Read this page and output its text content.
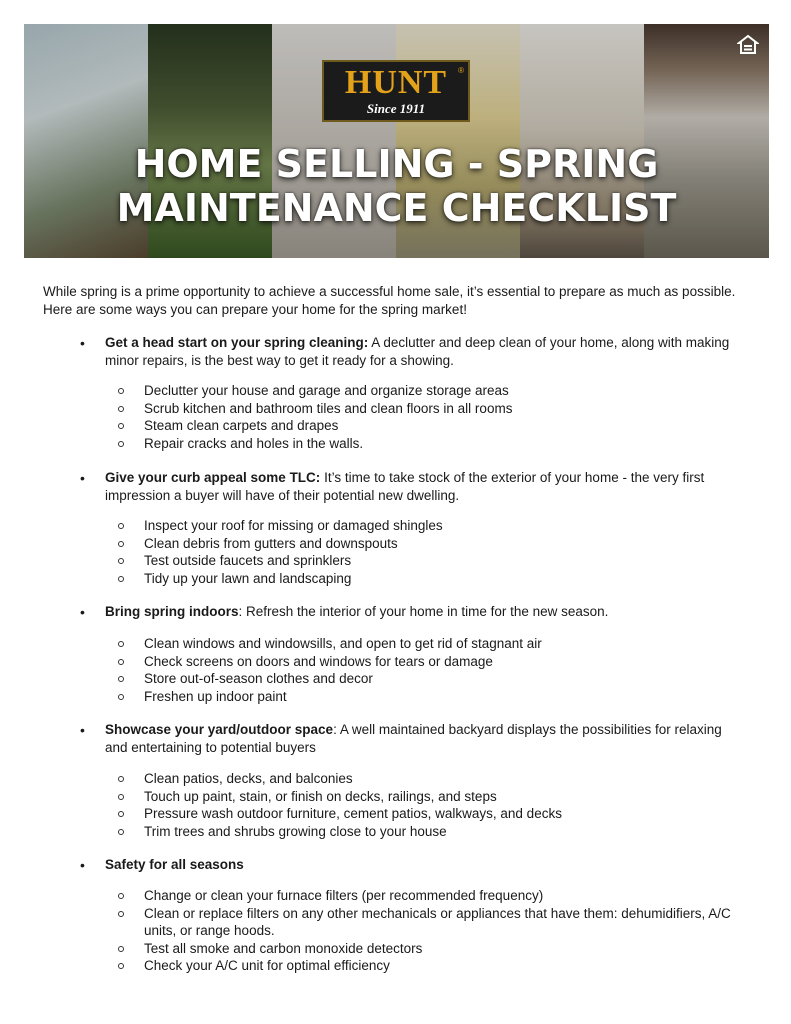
HUNT	®
Since 1911
HOME SELLING - SPRING
MAINTENANCE CHECKLIST
While spring is a prime opportunity to achieve a successful home sale, it’s essential to prepare as much as possible. Here are some ways you can prepare your home for the spring market!
• Get a head start on your spring cleaning: A declutter and deep clean of your home, along with making minor repairs, is the best way to get it ready for a showing.
Declutter your house and garage and organize storage areas
Scrub kitchen and bathroom tiles and clean floors in all rooms
Steam clean carpets and drapes
Repair cracks and holes in the walls.
• Give your curb appeal some TLC: It’s time to take stock of the exterior of your home - the very first impression a buyer will have of their potential new dwelling.
Inspect your roof for missing or damaged shingles
Clean debris from gutters and downspouts
Test outside faucets and sprinklers
Tidy up your lawn and landscaping
• Bring spring indoors: Refresh the interior of your home in time for the new season.
Clean windows and windowsills, and open to get rid of stagnant air
Check screens on doors and windows for tears or damage
Store out-of-season clothes and decor
Freshen up indoor paint
• Showcase your yard/outdoor space: A well maintained backyard displays the possibilities for relaxing and entertaining to potential buyers
Clean patios, decks, and balconies
Touch up paint, stain, or finish on decks, railings, and steps
Pressure wash outdoor furniture, cement patios, walkways, and decks
Trim trees and shrubs growing close to your house
• Safety for all seasons
Change or clean your furnace filters (per recommended frequency)
Clean or replace filters on any other mechanicals or appliances that have them: dehumidifiers, A/C units, or range hoods.
Test all smoke and carbon monoxide detectors
Check your A/C unit for optimal efficiency
